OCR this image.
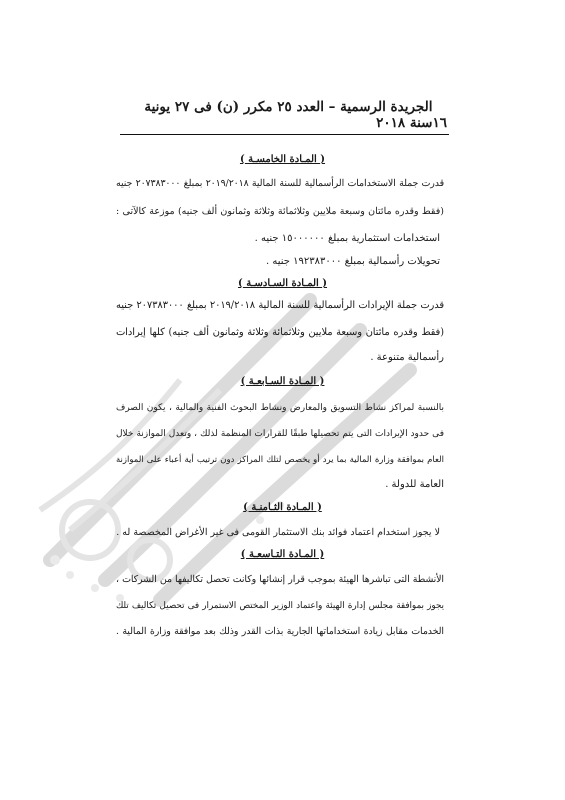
١٦
الجريدة الرسمية – العدد ٢٥ مكرر (ن) فى ٢٧ يونية سنة ٢٠١٨
( المـادة الخامسـة )
قدرت جملة الاستخدامات الرأسمالية للسنة المالية ٢٠١٩/٢٠١٨ بمبلغ ٢٠٧٣٨٣٠٠٠ جنيه
(فقط وقدره مائتان وسبعة ملايين وثلاثمائة وثلاثة وثمانون ألف جنيه) موزعة كالآتى :
استخدامات استثمارية بمبلغ ١٥٠٠٠٠٠٠ جنيه .
تحويلات رأسمالية بمبلغ ١٩٢٣٨٣٠٠٠ جنيه .
( المـادة السـادسـة )
قدرت جملة الإيرادات الرأسمالية للسنة المالية ٢٠١٩/٢٠١٨ بمبلغ ٢٠٧٣٨٣٠٠٠ جنيه
(فقط وقدره مائتان وسبعة ملايين وثلاثمائة وثلاثة وثمانون ألف جنيه) كلها إيرادات
رأسمالية متنوعة .
( المـادة السـابعـة )
بالنسبة لمراكز نشاط التسويق والمعارض ونشاط البحوث الفنية والمالية ، يكون الصرف
فى حدود الإيرادات التى يتم تحصيلها طبقًا للقرارات المنظمة لذلك ، وتعدل الموازنة خلال
العام بموافقة وزارة المالية بما يرد أو يخصص لتلك المراكز دون ترتيب أية أعباء على الموازنة
العامة للدولة .
( المـادة الثـامنـة )
لا يجوز استخدام اعتماد فوائد بنك الاستثمار القومى فى غير الأغراض المخصصة له .
( المـادة التـاسعـة )
الأنشطة التى تباشرها الهيئة بموجب قرار إنشائها وكانت تحصل تكاليفها من الشركات ،
يجوز بموافقة مجلس إدارة الهيئة واعتماد الوزير المختص الاستمرار فى تحصيل تكاليف تلك
الخدمات مقابل زيادة استخداماتها الجارية بذات القدر وذلك بعد موافقة وزارة المالية .
